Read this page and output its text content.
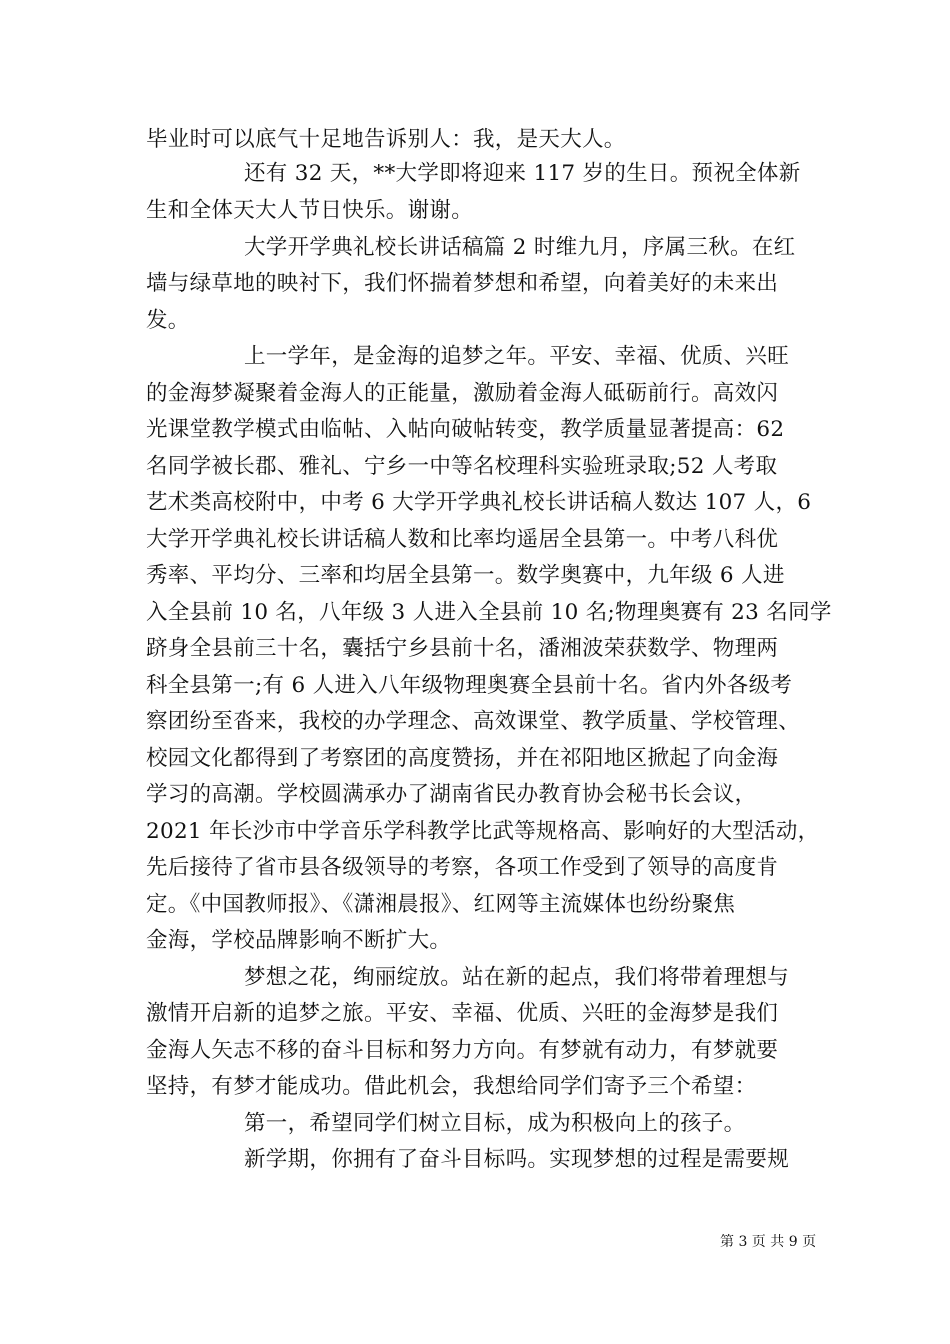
毕业时可以底气十足地告诉别人：我，是天大人。
还有 32 天，**大学即将迎来 117 岁的生日。预祝全体新
生和全体天大人节日快乐。谢谢。
大学开学典礼校长讲话稿篇 2 时维九月，序属三秋。在红
墙与绿草地的映衬下，我们怀揣着梦想和希望，向着美好的未来出
发。
上一学年，是金海的追梦之年。平安、幸福、优质、兴旺
的金海梦凝聚着金海人的正能量，激励着金海人砥砺前行。高效闪
光课堂教学模式由临帖、入帖向破帖转变，教学质量显著提高：62
名同学被长郡、雅礼、宁乡一中等名校理科实验班录取;52 人考取
艺术类高校附中，中考 6 大学开学典礼校长讲话稿人数达 107 人，6
大学开学典礼校长讲话稿人数和比率均遥居全县第一。中考八科优
秀率、平均分、三率和均居全县第一。数学奥赛中，九年级 6 人进
入全县前 10 名，八年级 3 人进入全县前 10 名;物理奥赛有 23 名同学
跻身全县前三十名，囊括宁乡县前十名，潘湘波荣获数学、物理两
科全县第一;有 6 人进入八年级物理奥赛全县前十名。省内外各级考
察团纷至沓来，我校的办学理念、高效课堂、教学质量、学校管理、
校园文化都得到了考察团的高度赞扬，并在祁阳地区掀起了向金海
学习的高潮。学校圆满承办了湖南省民办教育协会秘书长会议，
2021 年长沙市中学音乐学科教学比武等规格高、影响好的大型活动，
先后接待了省市县各级领导的考察，各项工作受到了领导的高度肯
定。《中国教师报》、《潇湘晨报》、红网等主流媒体也纷纷聚焦
金海，学校品牌影响不断扩大。
梦想之花，绚丽绽放。站在新的起点，我们将带着理想与
激情开启新的追梦之旅。平安、幸福、优质、兴旺的金海梦是我们
金海人矢志不移的奋斗目标和努力方向。有梦就有动力，有梦就要
坚持，有梦才能成功。借此机会，我想给同学们寄予三个希望：
第一，希望同学们树立目标，成为积极向上的孩子。
新学期，你拥有了奋斗目标吗。实现梦想的过程是需要规
第 3 页 共 9 页
